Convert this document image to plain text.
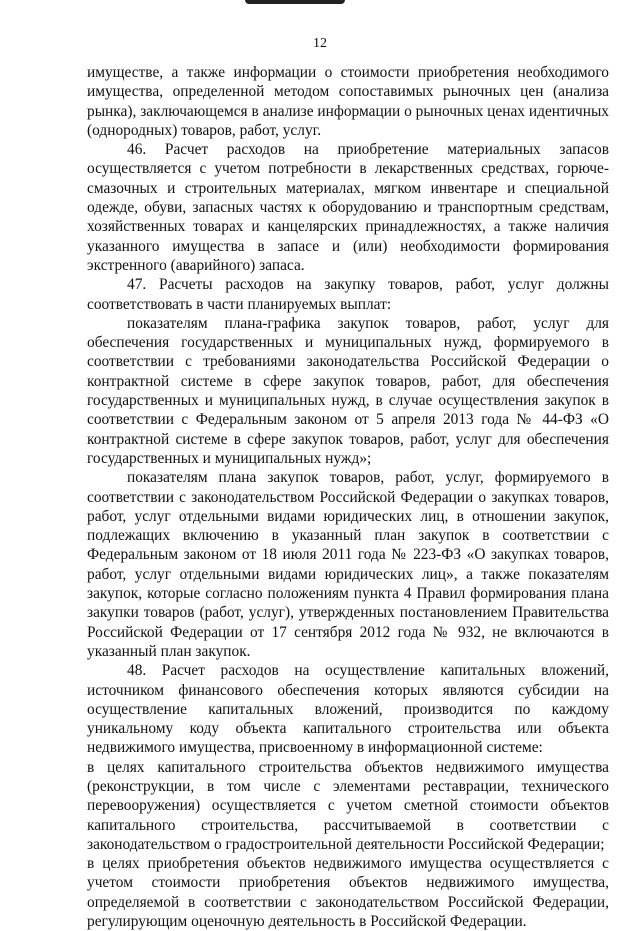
12

имуществе, а также информации о стоимости приобретения необходимого имущества, определенной методом сопоставимых рыночных цен (анализа рынка), заключающемся в анализе информации о рыночных ценах идентичных (однородных) товаров, работ, услуг.

46. Расчет расходов на приобретение материальных запасов осуществляется с учетом потребности в лекарственных средствах, горюче-смазочных и строительных материалах, мягком инвентаре и специальной одежде, обуви, запасных частях к оборудованию и транспортным средствам, хозяйственных товарах и канцелярских принадлежностях, а также наличия указанного имущества в запасе и (или) необходимости формирования экстренного (аварийного) запаса.

47. Расчеты расходов на закупку товаров, работ, услуг должны соответствовать в части планируемых выплат:

показателям плана-графика закупок товаров, работ, услуг для обеспечения государственных и муниципальных нужд, формируемого в соответствии с требованиями законодательства Российской Федерации о контрактной системе в сфере закупок товаров, работ, для обеспечения государственных и муниципальных нужд, в случае осуществления закупок в соответствии с Федеральным законом от 5 апреля 2013 года № 44-ФЗ «О контрактной системе в сфере закупок товаров, работ, услуг для обеспечения государственных и муниципальных нужд»;

показателям плана закупок товаров, работ, услуг, формируемого в соответствии с законодательством Российской Федерации о закупках товаров, работ, услуг отдельными видами юридических лиц, в отношении закупок, подлежащих включению в указанный план закупок в соответствии с Федеральным законом от 18 июля 2011 года № 223-ФЗ «О закупках товаров, работ, услуг отдельными видами юридических лиц», а также показателям закупок, которые согласно положениям пункта 4 Правил формирования плана закупки товаров (работ, услуг), утвержденных постановлением Правительства Российской Федерации от 17 сентября 2012 года № 932, не включаются в указанный план закупок.

48. Расчет расходов на осуществление капитальных вложений, источником финансового обеспечения которых являются субсидии на осуществление капитальных вложений, производится по каждому уникальному коду объекта капитального строительства или объекта недвижимого имущества, присвоенному в информационной системе:

в целях капитального строительства объектов недвижимого имущества (реконструкции, в том числе с элементами реставрации, технического перевооружения) осуществляется с учетом сметной стоимости объектов капитального строительства, рассчитываемой в соответствии с законодательством о градостроительной деятельности Российской Федерации;

в целях приобретения объектов недвижимого имущества осуществляется с учетом стоимости приобретения объектов недвижимого имущества, определяемой в соответствии с законодательством Российской Федерации, регулирующим оценочную деятельность в Российской Федерации.
